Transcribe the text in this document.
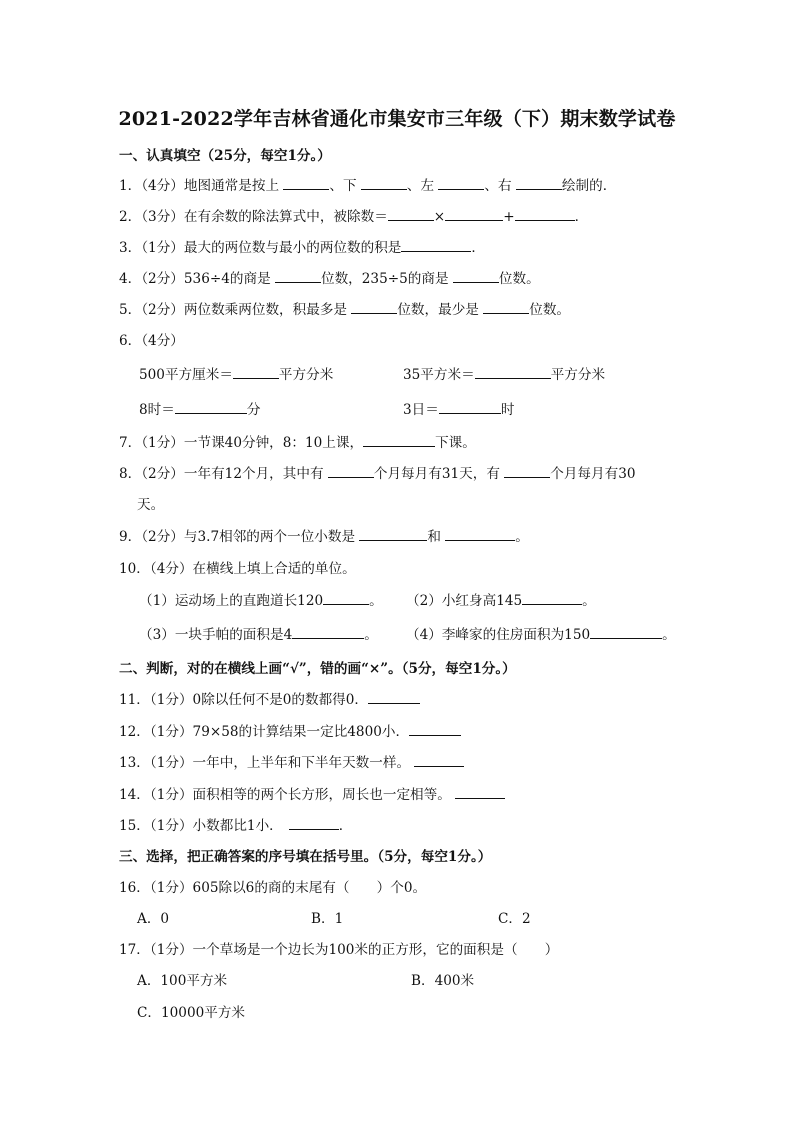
2021-2022学年吉林省通化市集安市三年级（下）期末数学试卷
一、认真填空（25分，每空1分。）
1．（4分）地图通常是按上	、下	、左	、右	绘制的．
2．（3分）在有余数的除法算式中，被除数＝	×	+	．
3．（1分）最大的两位数与最小的两位数的积是	．
4．（2分）536÷4的商是	位数，235÷5的商是	位数。
5．（2分）两位数乘两位数，积最多是	位数，最少是	位数。
6．（4分）
500平方厘米＝	平方分米	35平方米＝	平方分米
8时＝	分	3日＝	时
7．（1分）一节课40分钟，8：10上课，	下课。
8．（2分）一年有12个月，其中有	个月每月有31天，有	个月每月有30
天。
9．（2分）与3.7相邻的两个一位小数是	和	。
10．（4分）在横线上填上合适的单位。
（1）运动场上的直跑道长120	。 （2）小红身高145	。
（3）一块手帕的面积是4	。 （4）李峰家的住房面积为150	。
二、判断，对的在横线上画“√”，错的画“×”。（5分，每空1分。）
11．（1分）0除以任何不是0的数都得0．
12．（1分）79×58的计算结果一定比4800小．
13．（1分）一年中，上半年和下半年天数一样。
14．（1分）面积相等的两个长方形，周长也一定相等。
15．（1分）小数都比1小．	．
三、选择，把正确答案的序号填在括号里。（5分，每空1分。）
16．（1分）605除以6的商的末尾有（　　）个0。
A．0	B．1	C．2
17．（1分）一个草场是一个边长为100米的正方形，它的面积是（　　）
A．100平方米	B．400米
C．10000平方米
